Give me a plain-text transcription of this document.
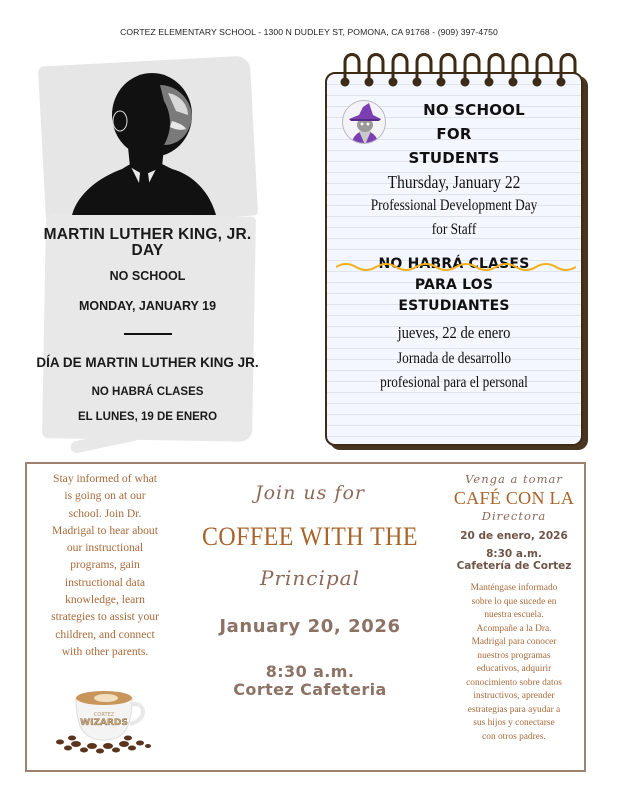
CORTEZ ELEMENTARY SCHOOL - 1300 N DUDLEY ST, POMONA, CA 91768 - (909) 397-4750
MARTIN LUTHER KING, JR.
DAY
NO SCHOOL
MONDAY, JANUARY 19
DÍA DE MARTIN LUTHER KING JR.
NO HABRÁ CLASES
EL LUNES, 19 DE ENERO
NO SCHOOL
FOR
STUDENTS
Thursday, January 22
Professional Development Day
for Staff
NO HABRÁ CLASES
PARA LOS
ESTUDIANTES
jueves, 22 de enero
Jornada de desarrollo
profesional para el personal
Stay informed of what
is going on at our
school. Join Dr.
Madrigal to hear about
our instructional
programs, gain
instructional data
knowledge, learn
strategies to assist your
children, and connect
with other parents.
CORTEZ
WIZARDS
Join us for
COFFEE WITH THE
Principal
January 20, 2026
8:30 a.m.
Cortez Cafeteria
Venga a tomar
CAFÉ CON LA
Directora
20 de enero, 2026
8:30 a.m.
Cafetería de Cortez
Manténgase informado
sobre lo que sucede en
nuestra escuela.
Acompañe a la Dra.
Madrigal para conocer
nuestros programas
educativos, adquirir
conocimiento sobre datos
instructivos, aprender
estrategias para ayudar a
sus hijos y conectarse
con otros padres.
